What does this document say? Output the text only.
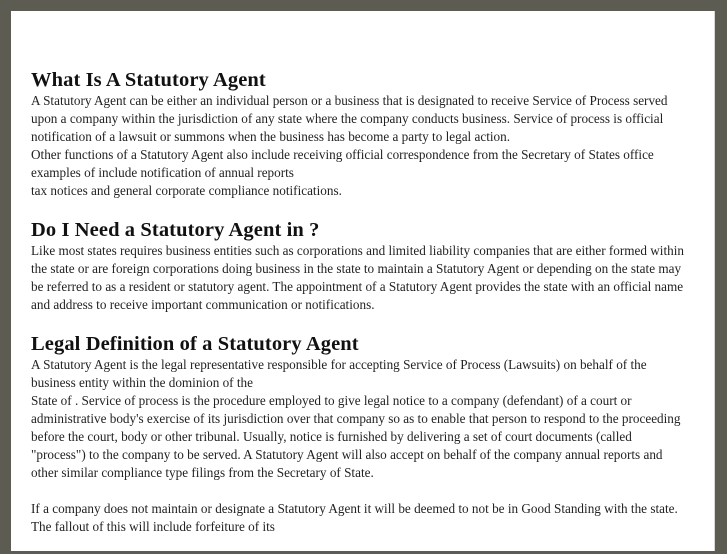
What Is A Statutory Agent

A Statutory Agent can be either an individual person or a business that is designated to receive Service of Process served
upon a company within the jurisdiction of any state where the company conducts business. Service of process is official
notification of a lawsuit or summons when the business has become a party to legal action.
Other functions of a Statutory Agent also include receiving official correspondence from the Secretary of States office
examples of include notification of annual reports
tax notices and general corporate compliance notifications.

Do I Need a Statutory Agent in ?

Like most states requires business entities such as corporations and limited liability companies that are either formed within
the state or are foreign corporations doing business in the state to maintain a Statutory Agent or depending on the state may
be referred to as a resident or statutory agent. The appointment of a Statutory Agent provides the state with an official name
and address to receive important communication or notifications.

Legal Definition of a Statutory Agent

A Statutory Agent is the legal representative responsible for accepting Service of Process (Lawsuits) on behalf of the
business entity within the dominion of the
State of . Service of process is the procedure employed to give legal notice to a company (defendant) of a court or
administrative body's exercise of its jurisdiction over that company so as to enable that person to respond to the proceeding
before the court, body or other tribunal. Usually, notice is furnished by delivering a set of court documents (called
"process") to the company to be served. A Statutory Agent will also accept on behalf of the company annual reports and
other similar compliance type filings from the Secretary of State.

If a company does not maintain or designate a Statutory Agent it will be deemed to not be in Good Standing with the state.
The fallout of this will include forfeiture of its
